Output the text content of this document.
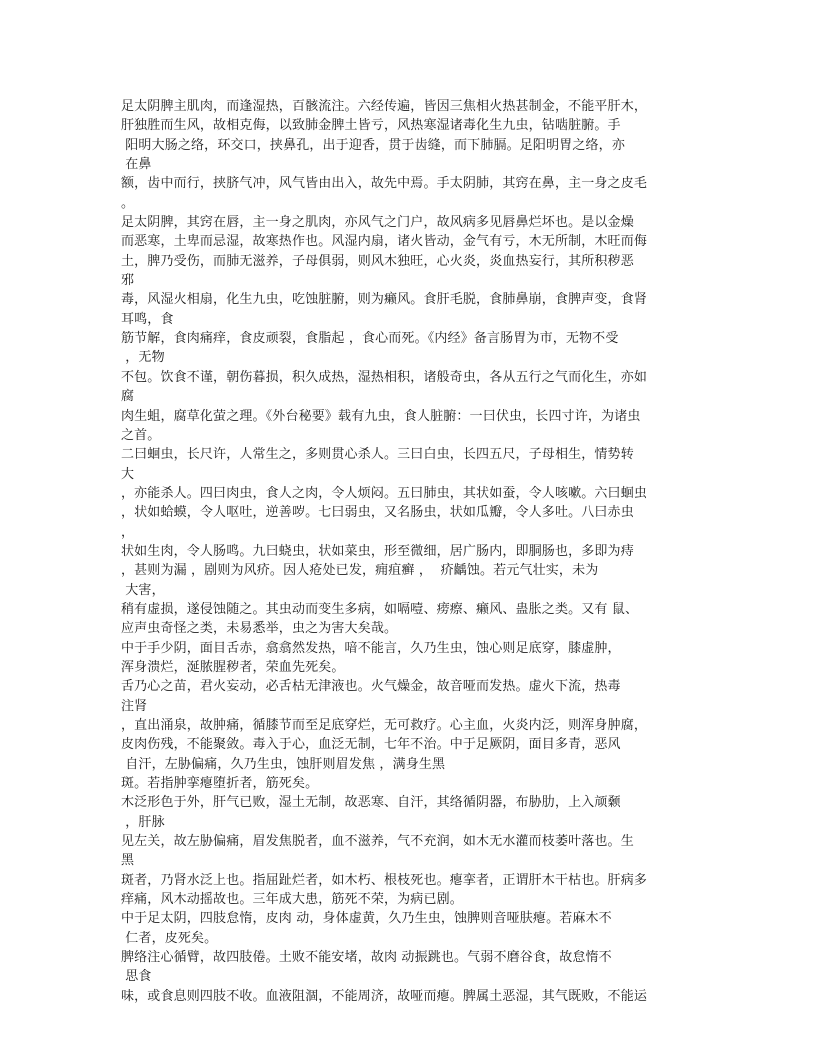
足太阴脾主肌肉，而逢湿热，百骸流注。六经传遍，皆因三焦相火热甚制金，不能平肝木，
肝独胜而生风，故相克侮，以致肺金脾土皆亏，风热寒湿诸毒化生九虫，钻啮脏腑。手
阳明大肠之络，环交口，挟鼻孔，出于迎香，贯于齿缝，而下肺膈。足阳明胃之络，亦
在鼻
额，齿中而行，挟脐气冲，风气皆由出入，故先中焉。手太阴肺，其窍在鼻，主一身之皮毛
。
足太阴脾，其窍在唇，主一身之肌肉，亦风气之门户，故风病多见唇鼻烂坏也。是以金燥
而恶寒，土卑而忌湿，故寒热作也。风湿内扇，诸火皆动，金气有亏，木无所制，木旺而侮
土，脾乃受伤，而肺无滋养，子母俱弱，则风木独旺，心火炎，炎血热妄行，其所积秽恶
邪
毒，风湿火相扇，化生九虫，吃蚀脏腑，则为癞风。食肝毛脱，食肺鼻崩，食脾声变，食肾
耳鸣，食
筋节解，食肉痛痒，食皮顽裂，食脂起 ，食心而死。《内经》备言肠胃为市，无物不受
，无物
不包。饮食不谨，朝伤暮损，积久成热，湿热相积，诸般奇虫，各从五行之气而化生，亦如
腐
肉生蛆，腐草化萤之理。《外台秘要》载有九虫，食人脏腑：一曰伏虫，长四寸许，为诸虫
之首。
二曰蛔虫，长尺许，人常生之，多则贯心杀人。三曰白虫，长四五尺，子母相生，情势转
大
，亦能杀人。四曰肉虫，食人之肉，令人烦闷。五曰肺虫，其状如蚕，令人咳嗽。六曰蛔虫
，状如蛤蟆，令人呕吐，逆善哕。七曰弱虫，又名肠虫，状如瓜瓣，令人多吐。八曰赤虫
，
状如生肉，令人肠鸣。九曰蛲虫，状如菜虫，形至微细，居广肠内，即胴肠也，多即为痔
，甚则为漏 ，剧则为风疥。因人疮处已发，痈疽癣 ，  疥齲蚀。若元气壮实，未为
大害，
稍有虚损，遂侵蚀随之。其虫动而变生多病，如嗝噎、痨瘵、癞风、蛊胀之类。又有 鼠、
应声虫奇怪之类，未易悉举，虫之为害大矣哉。
中于手少阴，面目舌赤，翕翕然发热，喑不能言，久乃生虫，蚀心则足底穿，膝虚肿，
浑身溃烂，涎脓腥秽者，荣血先死矣。
舌乃心之苗，君火妄动，必舌枯无津液也。火气燥金，故音哑而发热。虚火下流，热毒
注肾
，直出涌泉，故肿痛，循膝节而至足底穿烂，无可救疗。心主血，火炎内泛，则浑身肿腐，
皮肉伤残，不能聚敛。毒入于心，血泛无制，七年不治。中于足厥阴，面目多青，恶风
自汗，左胁偏痛，久乃生虫，蚀肝则眉发焦 ，满身生黑
斑。若指肿挛瘪堕折者，筋死矣。
木泛形色于外，肝气已败，湿土无制，故恶寒、自汗，其络循阴器，布胁肋，上入颃颡
，肝脉
见左关，故左胁偏痛，眉发焦脱者，血不滋养，气不充润，如木无水灌而枝萎叶落也。生
黑
斑者，乃肾水泛上也。指屈趾烂者，如木朽、根枝死也。瘪挛者，正谓肝木干枯也。肝病多
痒痛，风木动摇故也。三年成大患，筋死不荣，为病已剧。
中于足太阴，四肢怠惰，皮肉 动，身体虚黄，久乃生虫，蚀脾则音哑肤瘪。若麻木不
仁者，皮死矣。
脾络注心循臂，故四肢倦。土败不能安堵，故肉 动振跳也。气弱不磨谷食，故怠惰不
思食
味，或食息则四肢不收。血液阻涸，不能周济，故哑而瘪。脾属土恶湿，其气既败，不能运
